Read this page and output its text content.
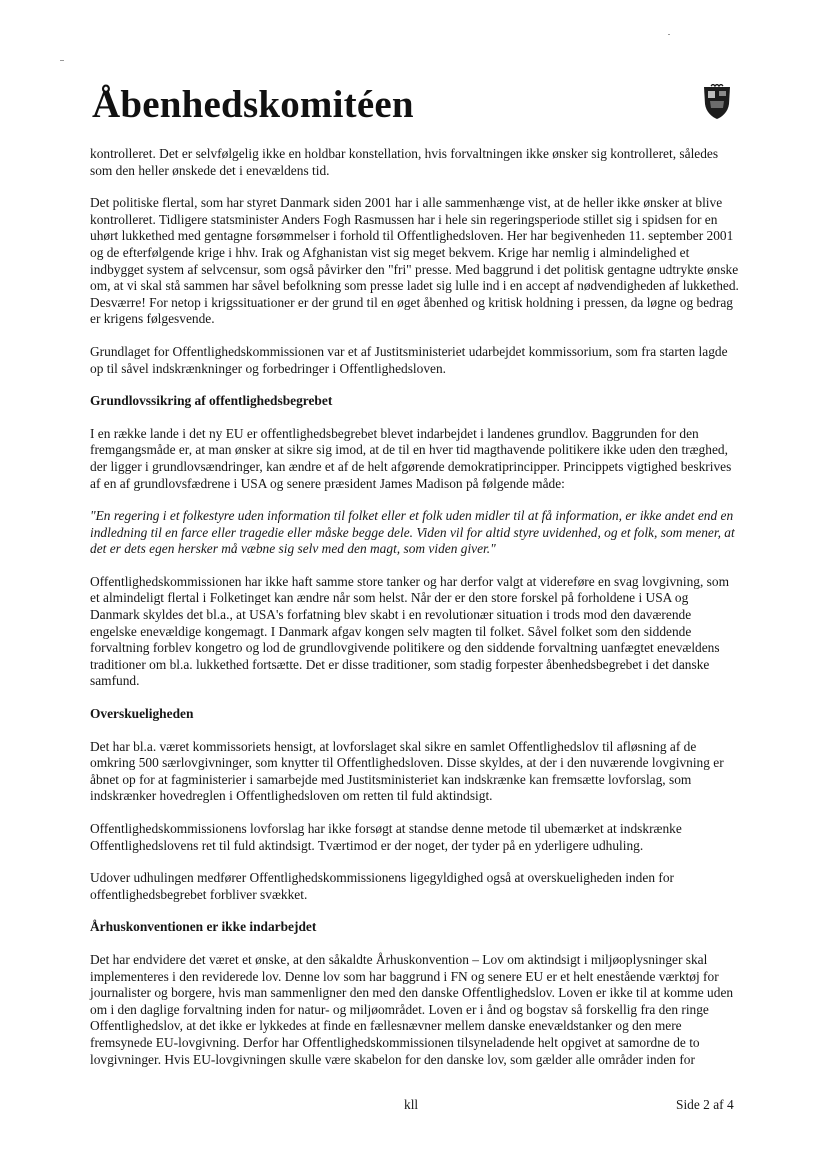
Åbenhedskomitéen

kontrolleret. Det er selvfølgelig ikke en holdbar konstellation, hvis forvaltningen ikke ønsker sig kontrolleret, således som den heller ønskede det i enevældens tid.

Det politiske flertal, som har styret Danmark siden 2001 har i alle sammenhænge vist, at de heller ikke ønsker at blive kontrolleret. Tidligere statsminister Anders Fogh Rasmussen har i hele sin regeringsperiode stillet sig i spidsen for en uhørt lukkethed med gentagne forsømmelser i forhold til Offentlighedsloven. Her har begivenheden 11. september 2001 og de efterfølgende krige i hhv. Irak og Afghanistan vist sig meget bekvem. Krige har nemlig i almindelighed et indbygget system af selvcensur, som også påvirker den "fri" presse. Med baggrund i det politisk gentagne udtrykte ønske om, at vi skal stå sammen har såvel befolkning som presse ladet sig lulle ind i en accept af nødvendigheden af lukkethed. Desværre! For netop i krigssituationer er der grund til en øget åbenhed og kritisk holdning i pressen, da løgne og bedrag er krigens følgesvende.

Grundlaget for Offentlighedskommissionen var et af Justitsministeriet udarbejdet kommissorium, som fra starten lagde op til såvel indskrænkninger og forbedringer i Offentlighedsloven.

Grundlovssikring af offentlighedsbegrebet

I en række lande i det ny EU er offentlighedsbegrebet blevet indarbejdet i landenes grundlov. Baggrunden for den fremgangsmåde er, at man ønsker at sikre sig imod, at de til en hver tid magthavende politikere ikke uden den træghed, der ligger i grundlovsændringer, kan ændre et af de helt afgørende demokratiprincipper. Princippets vigtighed beskrives af en af grundlovsfædrene i USA og senere præsident James Madison på følgende måde:

"En regering i et folkestyre uden information til folket eller et folk uden midler til at få information, er ikke andet end en indledning til en farce eller tragedie eller måske begge dele. Viden vil for altid styre uvidenhed, og et folk, som mener, at det er dets egen hersker må væbne sig selv med den magt, som viden giver."

Offentlighedskommissionen har ikke haft samme store tanker og har derfor valgt at videreføre en svag lovgivning, som et almindeligt flertal i Folketinget kan ændre når som helst. Når der er den store forskel på forholdene i USA og Danmark skyldes det bl.a., at USA's forfatning blev skabt i en revolutionær situation i trods mod den daværende engelske enevældige kongemagt. I Danmark afgav kongen selv magten til folket. Såvel folket som den siddende forvaltning forblev kongetro og lod de grundlovgivende politikere og den siddende forvaltning uanfægtet enevældens traditioner om bl.a. lukkethed fortsætte. Det er disse traditioner, som stadig forpester åbenhedsbegrebet i det danske samfund.

Overskueligheden

Det har bl.a. været kommissoriets hensigt, at lovforslaget skal sikre en samlet Offentlighedslov til afløsning af de omkring 500 særlovgivninger, som knytter til Offentlighedsloven. Disse skyldes, at der i den nuværende lovgivning er åbnet op for at fagministerier i samarbejde med Justitsministeriet kan indskrænke kan fremsætte lovforslag, som indskrænker hovedreglen i Offentlighedsloven om retten til fuld aktindsigt.

Offentlighedskommissionens lovforslag har ikke forsøgt at standse denne metode til ubemærket at indskrænke Offentlighedslovens ret til fuld aktindsigt. Tværtimod er der noget, der tyder på en yderligere udhuling.

Udover udhulingen medfører Offentlighedskommissionens ligegyldighed også at overskueligheden inden for offentlighedsbegrebet forbliver svækket.

Århuskonventionen er ikke indarbejdet

Det har endvidere det været et ønske, at den såkaldte Århuskonvention – Lov om aktindsigt i miljøoplysninger skal implementeres i den reviderede lov. Denne lov som har baggrund i FN og senere EU er et helt enestående værktøj for journalister og borgere, hvis man sammenligner den med den danske Offentlighedslov. Loven er ikke til at komme uden om i den daglige forvaltning inden for natur- og miljøområdet. Loven er i ånd og bogstav så forskellig fra den ringe Offentlighedslov, at det ikke er lykkedes at finde en fællesnævner mellem danske enevældstanker og den mere fremsynede EU-lovgivning. Derfor har Offentlighedskommissionen tilsyneladende helt opgivet at samordne de to lovgivninger. Hvis EU-lovgivningen skulle være skabelon for den danske lov, som gælder alle områder inden for

kll	Side 2 af 4
